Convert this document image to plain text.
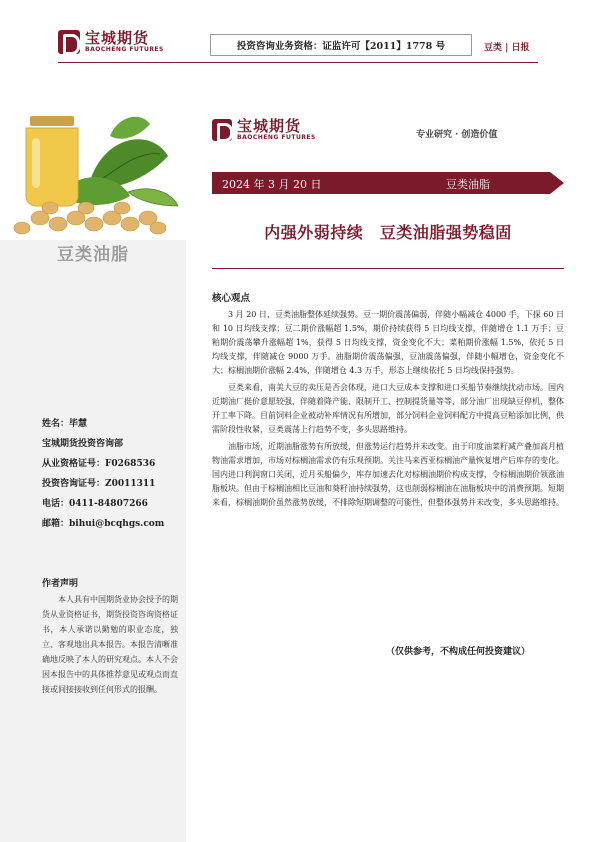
宝城期货
BAOCHENG FUTURES	投资咨询业务资格：证监许可【2011】1778 号	豆类 | 日报
豆类油脂
姓名：毕慧
宝城期货投资咨询部
从业资格证号：F0268536
投资咨询证号：Z0011311
电话：0411-84807266
邮箱：bihui@bcqhgs.com
作者声明
本人具有中国期货业协会授予的期货从业资格证书，期货投资咨询资格证书，本人承诺以勤勉的职业态度，独立、客观地出具本报告。本报告清晰准确地反映了本人的研究观点。本人不会因本报告中的具体推荐意见或观点而直接或间接接收到任何形式的报酬。
宝城期货
BAOCHENG FUTURES	专业研究 · 创造价值
2024 年 3 月 20 日	豆类油脂
内强外弱持续　豆类油脂强势稳固
核心观点

3 月 20 日，豆类油脂整体延续强势。豆一期价震荡偏弱，伴随小幅减仓 4000 手，下探 60 日和 10 日均线支撑；豆二期价涨幅超 1.5%，期价持续获得 5 日均线支撑，伴随增仓 1.1 万手；豆粕期价震荡攀升涨幅超 1%，获得 5 日均线支撑，资金变化不大；菜粕期价涨幅 1.5%，依托 5 日均线支撑，伴随减仓 9000 万手。油脂期价震荡偏强，豆油震荡偏强，伴随小幅增仓，资金变化不大；棕榈油期价涨幅 2.4%，伴随增仓 4.3 万手，形态上继续依托 5 日均线保持强势。

豆类来看，南美大豆的卖压是否会体现，进口大豆成本支撑和进口买船节奏继续扰动市场。国内近期油厂挺价意愿较强，伴随着降产能、限制开工、控制提货量等等，部分油厂出现缺豆停机，整体开工率下降。目前饲料企业被动补库情况有所增加，部分饲料企业饲料配方中提高豆粕添加比例，供需阶段性收紧，豆类震荡上行趋势不变，多头思路维持。

油脂市场，近期油脂涨势有所放缓，但涨势运行趋势并未改变。由于印度油菜籽减产叠加高月植物油需求增加，市场对棕榈油需求仍有乐观预期。关注马来西亚棕榈油产量恢复增产后库存的变化。国内进口利润窗口关闭，近月买船偏少，库存加速去化对棕榈油期价构成支撑，令棕榈油期价领涨油脂板块。但由于棕榈油相比豆油和葵籽油持续强势，这也削弱棕榈油在油脂板块中的消费预期。短期来看，棕榈油期价虽然涨势放缓，不排除短期调整的可能性，但整体强势并未改变，多头思路维持。

（仅供参考，不构成任何投资建议）
